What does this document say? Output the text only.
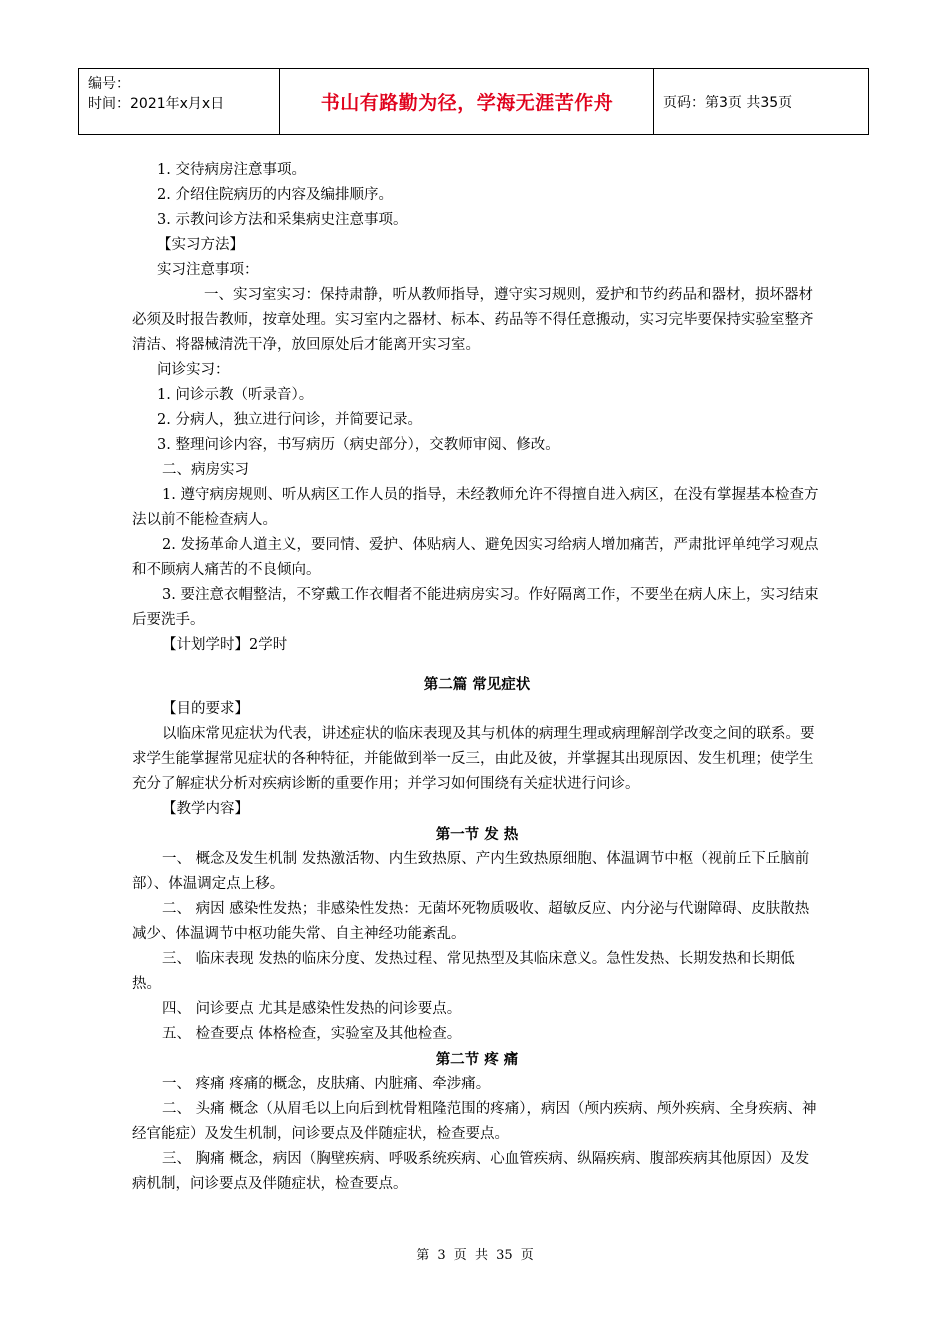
编号：
时间：2021年x月x日	书山有路勤为径，学海无涯苦作舟	页码：第3页 共35页

1. 交待病房注意事项。

2. 介绍住院病历的内容及编排顺序。

3. 示教问诊方法和采集病史注意事项。

【实习方法】

实习注意事项：

一、实习室实习：保持肃静，听从教师指导，遵守实习规则，爱护和节约药品和器材，损坏器材必须及时报告教师，按章处理。实习室内之器材、标本、药品等不得任意搬动，实习完毕要保持实验室整齐清洁、将器械清洗干净，放回原处后才能离开实习室。

问诊实习：

1. 问诊示教（听录音）。

2. 分病人，独立进行问诊，并简要记录。

3. 整理问诊内容，书写病历（病史部分），交教师审阅、修改。

二、病房实习

1. 遵守病房规则、听从病区工作人员的指导，未经教师允许不得擅自进入病区，在没有掌握基本检查方法以前不能检查病人。

2. 发扬革命人道主义，要同情、爱护、体贴病人、避免因实习给病人增加痛苦，严肃批评单纯学习观点和不顾病人痛苦的不良倾向。

3. 要注意衣帽整洁，不穿戴工作衣帽者不能进病房实习。作好隔离工作，不要坐在病人床上，实习结束后要洗手。

【计划学时】2学时

第二篇 常见症状

【目的要求】

以临床常见症状为代表，讲述症状的临床表现及其与机体的病理生理或病理解剖学改变之间的联系。要求学生能掌握常见症状的各种特征，并能做到举一反三，由此及彼，并掌握其出现原因、发生机理；使学生充分了解症状分析对疾病诊断的重要作用；并学习如何围绕有关症状进行问诊。

【教学内容】

第一节 发 热

一、 概念及发生机制 发热激活物、内生致热原、产内生致热原细胞、体温调节中枢（视前丘下丘脑前部）、体温调定点上移。

二、 病因 感染性发热；非感染性发热：无菌坏死物质吸收、超敏反应、内分泌与代谢障碍、皮肤散热减少、体温调节中枢功能失常、自主神经功能紊乱。

三、 临床表现 发热的临床分度、发热过程、常见热型及其临床意义。急性发热、长期发热和长期低热。

四、 问诊要点 尤其是感染性发热的问诊要点。

五、 检查要点 体格检查，实验室及其他检查。

第二节 疼 痛

一、 疼痛 疼痛的概念，皮肤痛、内脏痛、牵涉痛。

二、 头痛 概念（从眉毛以上向后到枕骨粗隆范围的疼痛），病因（颅内疾病、颅外疾病、全身疾病、神经官能症）及发生机制，问诊要点及伴随症状，检查要点。

三、 胸痛 概念，病因（胸壁疾病、呼吸系统疾病、心血管疾病、纵隔疾病、腹部疾病其他原因）及发病机制，问诊要点及伴随症状，检查要点。

第 3 页 共 35 页
